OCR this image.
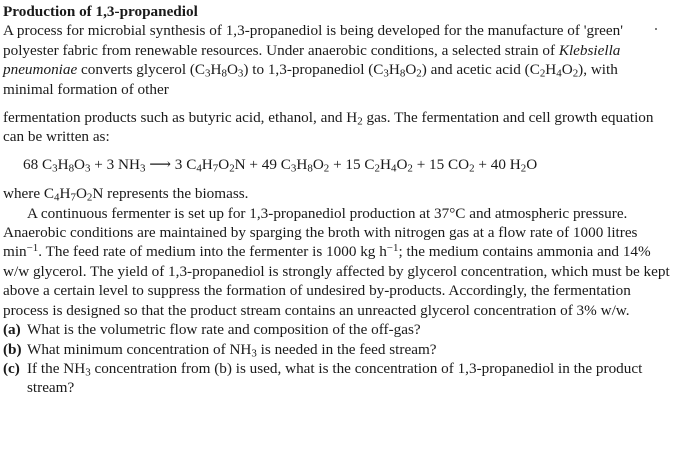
Production of 1,3-propanediol

A process for microbial synthesis of 1,3-propanediol is being developed for the manufacture of 'green' polyester fabric from renewable resources. Under anaerobic conditions, a selected strain of Klebsiella pneumoniae converts glycerol $(C_3H_8O_3)$ to 1,3-propanediol $(C_3H_8O_2)$ and acetic acid $(C_2H_4O_2)$, with minimal formation of other

fermentation products such as butyric acid, ethanol, and $H_2$ gas. The fermentation and cell growth equation can be written as:

68 $C_3H_8O_3 + 3$ $NH_3$ ⟶ 3 $C_4H_7O_2N + 49$ $C_3H_8O_2 + 15$ $C_2H_4O_2 + 15$ $CO_2 + 40$ $H_2O$

where $C_4H_7O_2N$ represents the biomass.

A continuous fermenter is set up for 1,3-propanediol production at 37°C and atmospheric pressure. Anaerobic conditions are maintained by sparging the broth with nitrogen gas at a flow rate of 1000 litres $\min^{-1}$. The feed rate of medium into the fermenter is 1000 kg $h^{-1}$; the medium contains ammonia and 14% w/w glycerol. The yield of 1,3-propanediol is strongly affected by glycerol concentration, which must be kept above a certain level to suppress the formation of undesired by-products. Accordingly, the fermentation process is designed so that the product stream contains an unreacted glycerol concentration of 3% w/w.

(a) What is the volumetric flow rate and composition of the off-gas?
(b) What minimum concentration of $NH_3$ is needed in the feed stream?
(c) If the $NH_3$ concentration from (b) is used, what is the concentration of 1,3-propanediol in the product stream?
